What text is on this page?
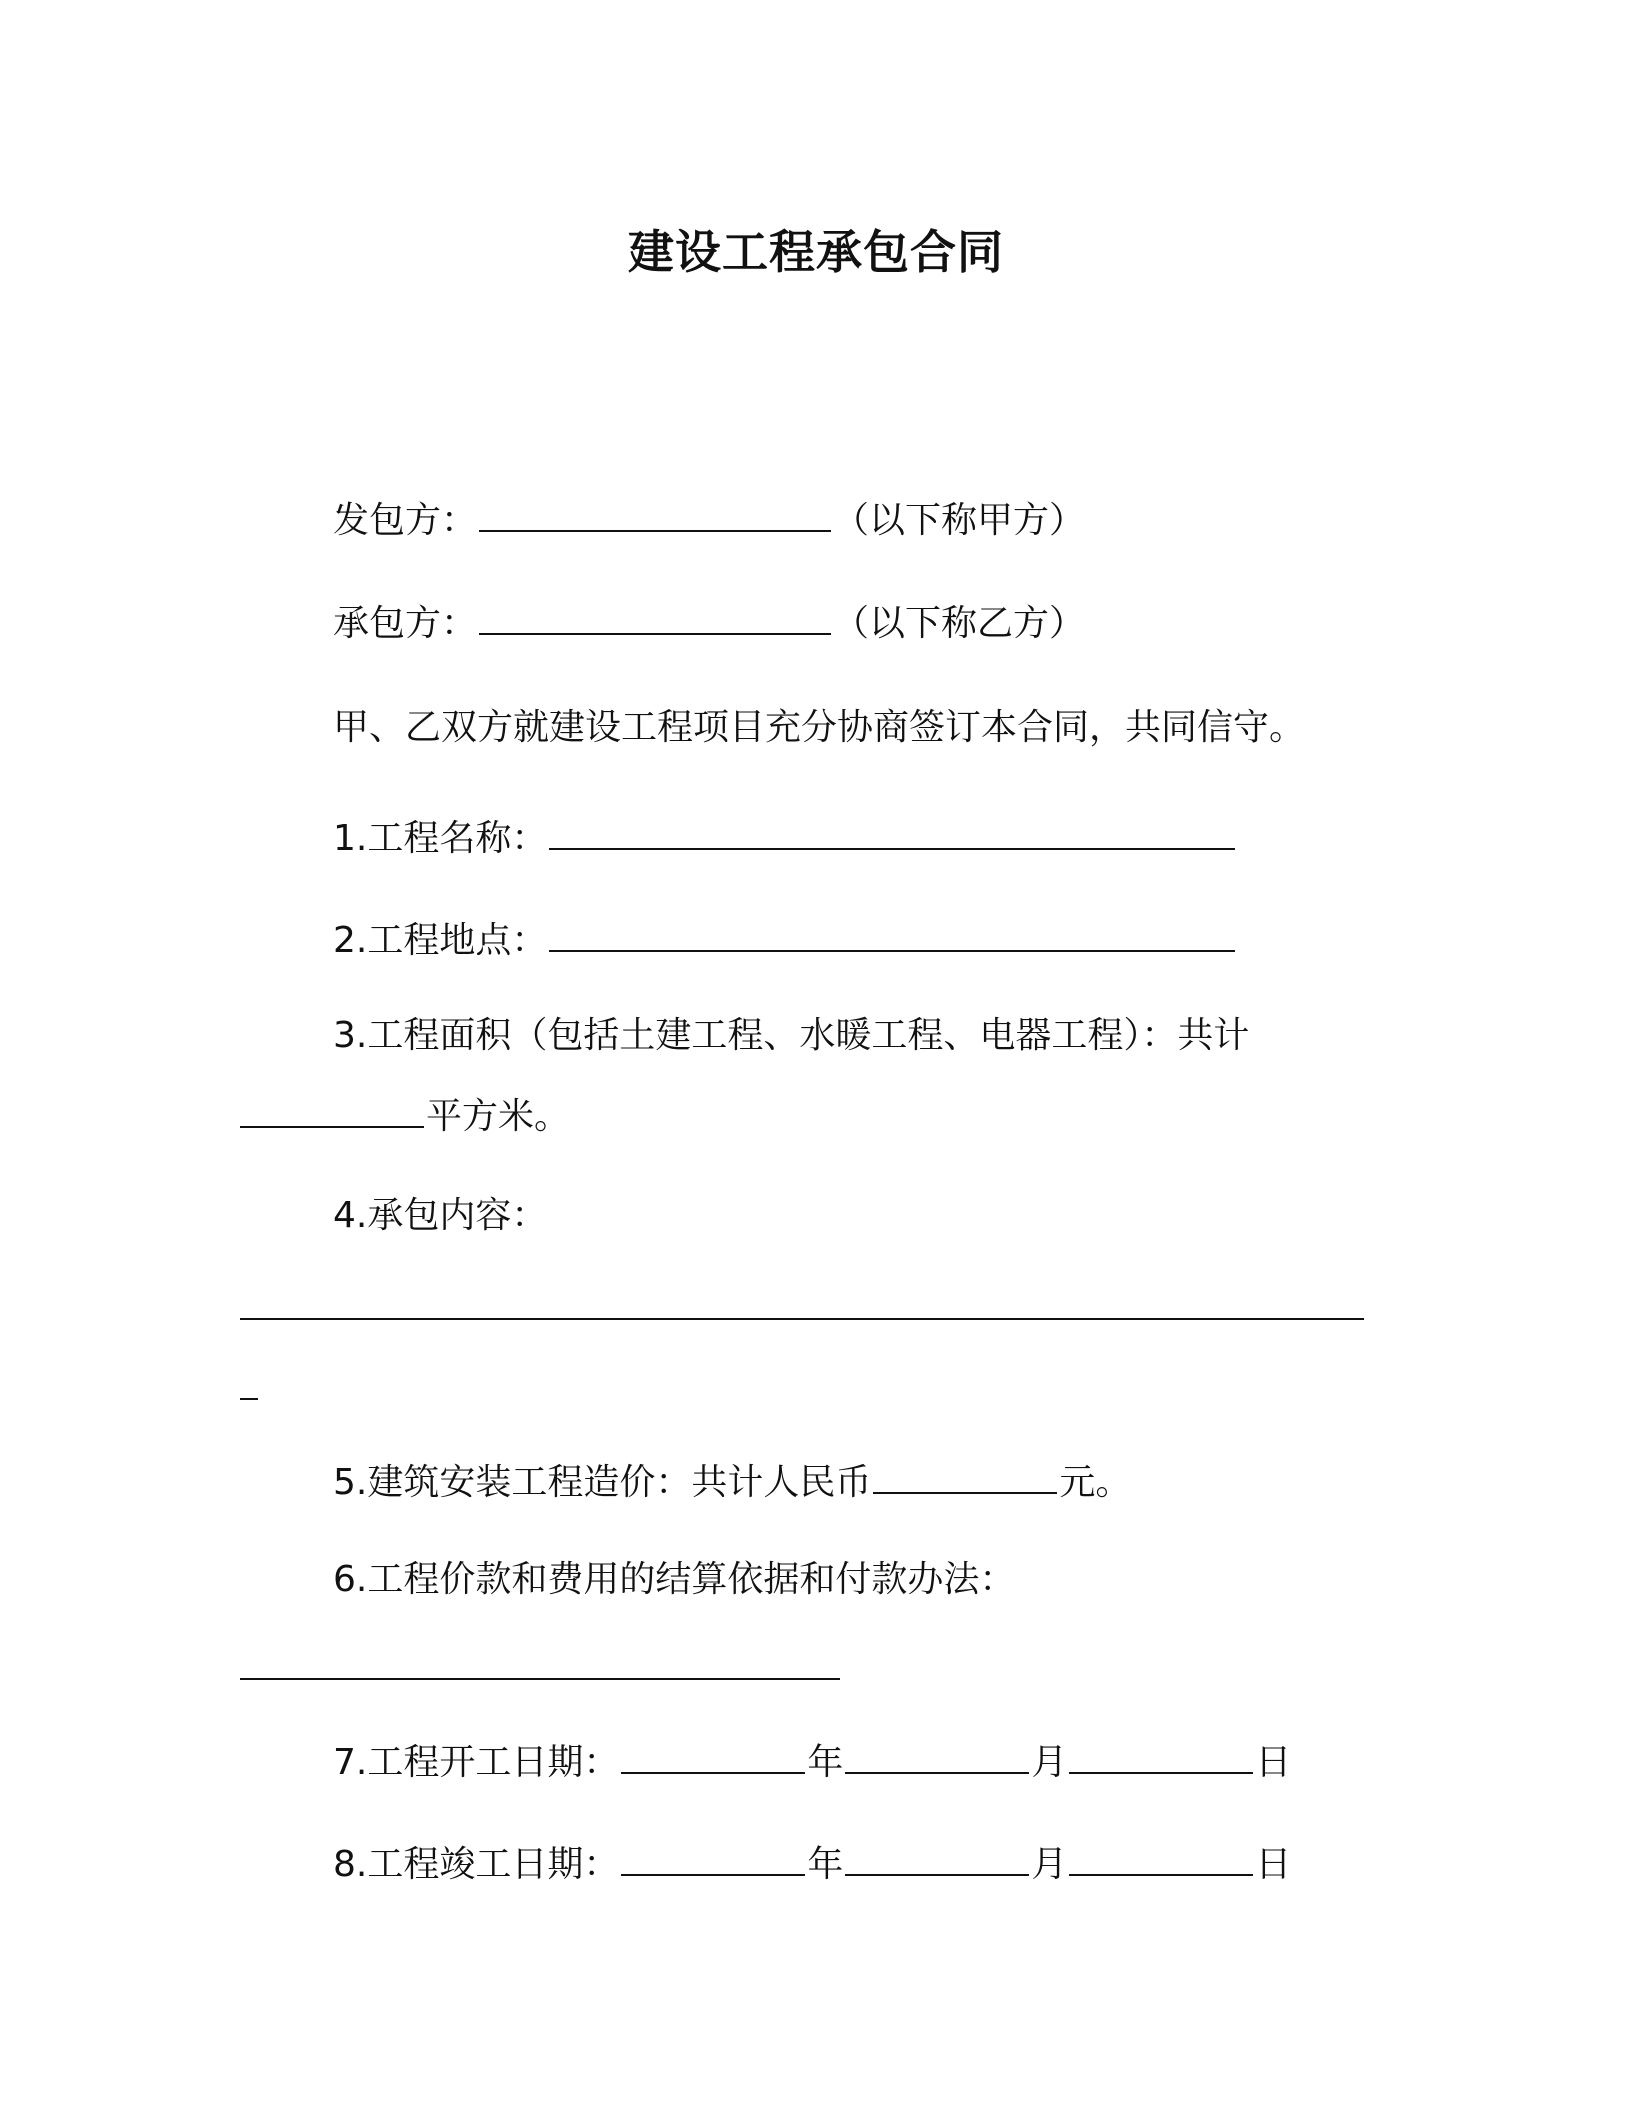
建设工程承包合同
发包方：	（以下称甲方）
承包方：	（以下称乙方）
甲、乙双方就建设工程项目充分协商签订本合同，共同信守。
1.工程名称：
2.工程地点：
3.工程面积（包括土建工程、水暖工程、电器工程）：共计
平方米。
4.承包内容：
5.建筑安装工程造价：共计人民币	元。
6.工程价款和费用的结算依据和付款办法：
7.工程开工日期：	年	月	日
8.工程竣工日期：	年	月	日
